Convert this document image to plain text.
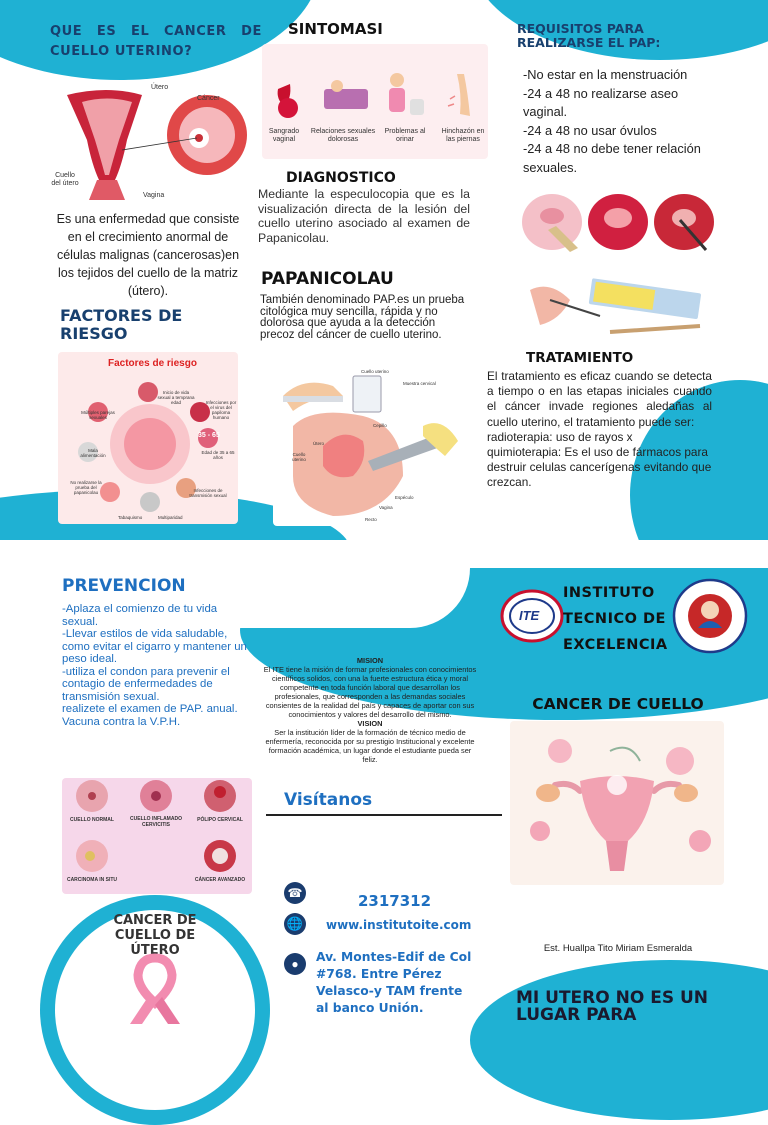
QUE ES EL CANCER DE CUELLO UTERINO?
Útero
Cáncer
Cuello del útero
Vagina
Es una enfermedad que consiste en el crecimiento anormal de células malignas (cancerosas)en los tejidos del cuello de la matriz (útero).
FACTORES DE RIESGO
Factores de riesgo
Inicio de vida sexual a temprana edad
Múltiples parejas sexuales
Infecciones por el virus del papiloma humano
Mala alimentación
35 - 65
Edad de 35 a 65 años
No realizarse la prueba del papanicolau	Infecciones de transmisión sexual
Tabaquismo	Multiparidad
SINTOMASI
Sangrado vaginal
Relaciones sexuales dolorosas
Problemas al orinar
Hinchazón en las piernas
DIAGNOSTICO
Mediante la especulocopia que es la visualización directa de la lesión del cuello uterino asociado al examen de Papanicolau.
PAPANICOLAU
También denominado PAP.es un prueba citológica muy sencilla, rápida y no dolorosa que ayuda a la detección precoz del cáncer de cuello uterino.
Cuello uterino
Muestra cervical
Cepillo
Útero
Cuello uterino
Espéculo
Vagina
Recto
REQUISITOS PARA REALIZARSE EL PAP:
-No estar en la menstruación
-24 a 48 no realizarse aseo vaginal.
-24 a 48 no usar óvulos
-24 a 48 no debe tener relación sexuales.
TRATAMIENTO
El tratamiento es eficaz cuando se detecta a tiempo o en las etapas iniciales cuando el cáncer invade regiones aledañas al cuello uterino, el tratamiento puede ser:
radioterapia: uso de rayos x
quimioterapia: Es el uso de fármacos para destruir celulas cancerígenas evitando que crezcan.
PREVENCION
-Aplaza el comienzo de tu vida sexual.
-Llevar estilos de vida saludable, como evitar el cigarro y mantener un peso ideal.
-utiliza el condon para prevenir el contagio de enfermedades de transmisión sexual.
realizete el examen de PAP. anual.
Vacuna contra la V.P.H.
CUELLO NORMAL	CUELLO INFLAMADO CERVICITIS
PÓLIPO CERVICAL
CARCINOMA IN SITU	CÁNCER AVANZADO
CANCER DE CUELLO DE ÚTERO
MISION
El ITE tiene la misión de formar profesionales con conocimientos científicos solidos, con una la fuerte estructura ética y moral competente en toda función laboral que desarrollan los profesionales, que corresponden a las demandas sociales consientes de la realidad del país y capaces de aportar con sus conocimientos y valores del desarrollo del mismo.
VISION
Ser la institución líder de la formación de técnico medio de enfermería, reconocida por su prestigio Institucional y excelente formación académica, un lugar donde el estudiante pueda ser feliz.
Visítanos
☎	2317312
🌐 www.institutoite.com
●	Av. Montes-Edif de Col #768. Entre Pérez Velasco-y TAM frente al banco Unión.
ITE
INSTITUTO TECNICO DE EXCELENCIA
CANCER DE CUELLO
Est. Huallpa Tito Miriam Esmeralda
MI UTERO NO ES UN LUGAR PARA
